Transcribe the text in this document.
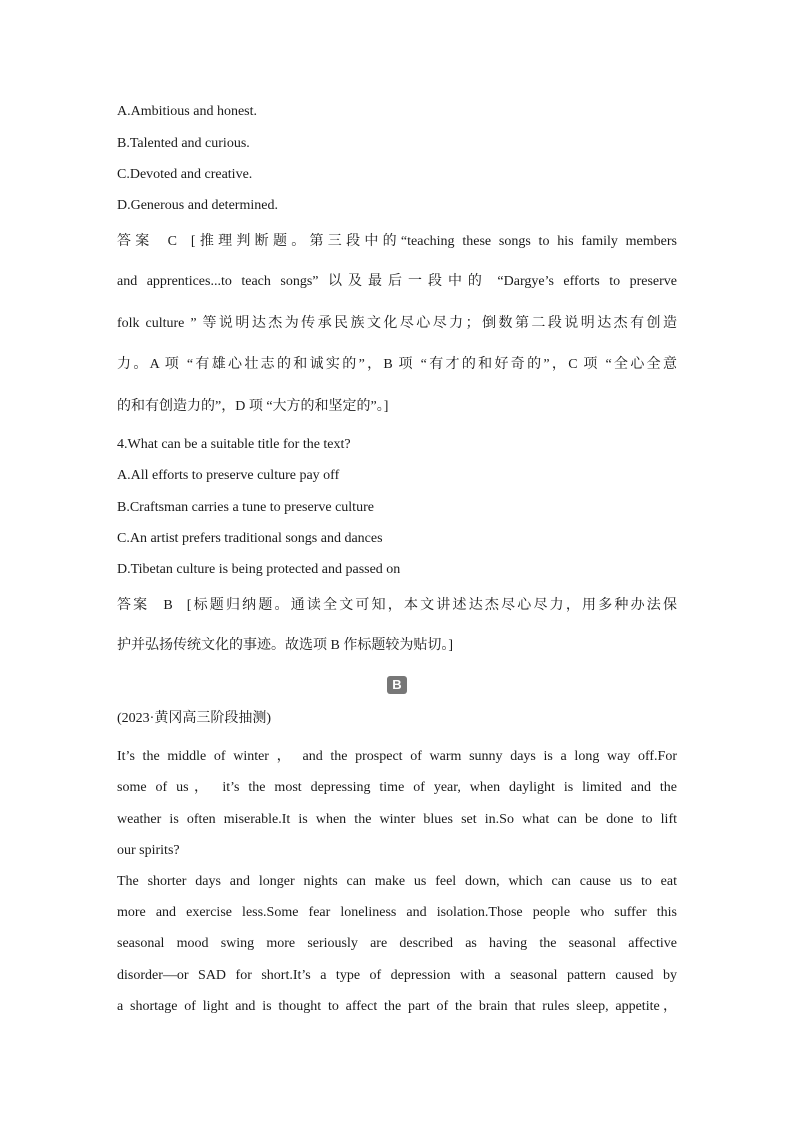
A.Ambitious and honest.
B.Talented and curious.
C.Devoted and creative.
D.Generous and determined.
答案 C [推理判断题。第三段中的“teaching these songs to his family members
and apprentices...to teach songs” 以及最后一段中的 “Dargye’s efforts to preserve
folk culture ” 等说明达杰为传承民族文化尽心尽力；倒数第二段说明达杰有创造
力。A 项 “有雄心壮志的和诚实的”，B 项 “有才的和好奇的”，C 项 “全心全意
的和有创造力的”，D 项 “大方的和坚定的”。]
4.What can be a suitable title for the text?
A.All efforts to preserve culture pay off
B.Craftsman carries a tune to preserve culture
C.An artist prefers traditional songs and dances
D.Tibetan culture is being protected and passed on
答案 B [标题归纳题。通读全文可知，本文讲述达杰尽心尽力，用多种办法保
护并弘扬传统文化的事迹。故选项 B 作标题较为贴切。]
B
(2023·黄冈高三阶段抽测)
It’s the middle of winter ， and the prospect of warm sunny days is a long way off.For
some of us， it’s the most depressing time of year, when daylight is limited and the
weather is often miserable.It is when the winter blues set in.So what can be done to lift
our spirits?
The shorter days and longer nights can make us feel down, which can cause us to eat
more and exercise less.Some fear loneliness and isolation.Those people who suffer this
seasonal mood swing more seriously are described as having the seasonal affective
disorder—or SAD for short.It’s a type of depression with a seasonal pattern caused by
a shortage of light and is thought to affect the part of the brain that rules sleep, appetite，
